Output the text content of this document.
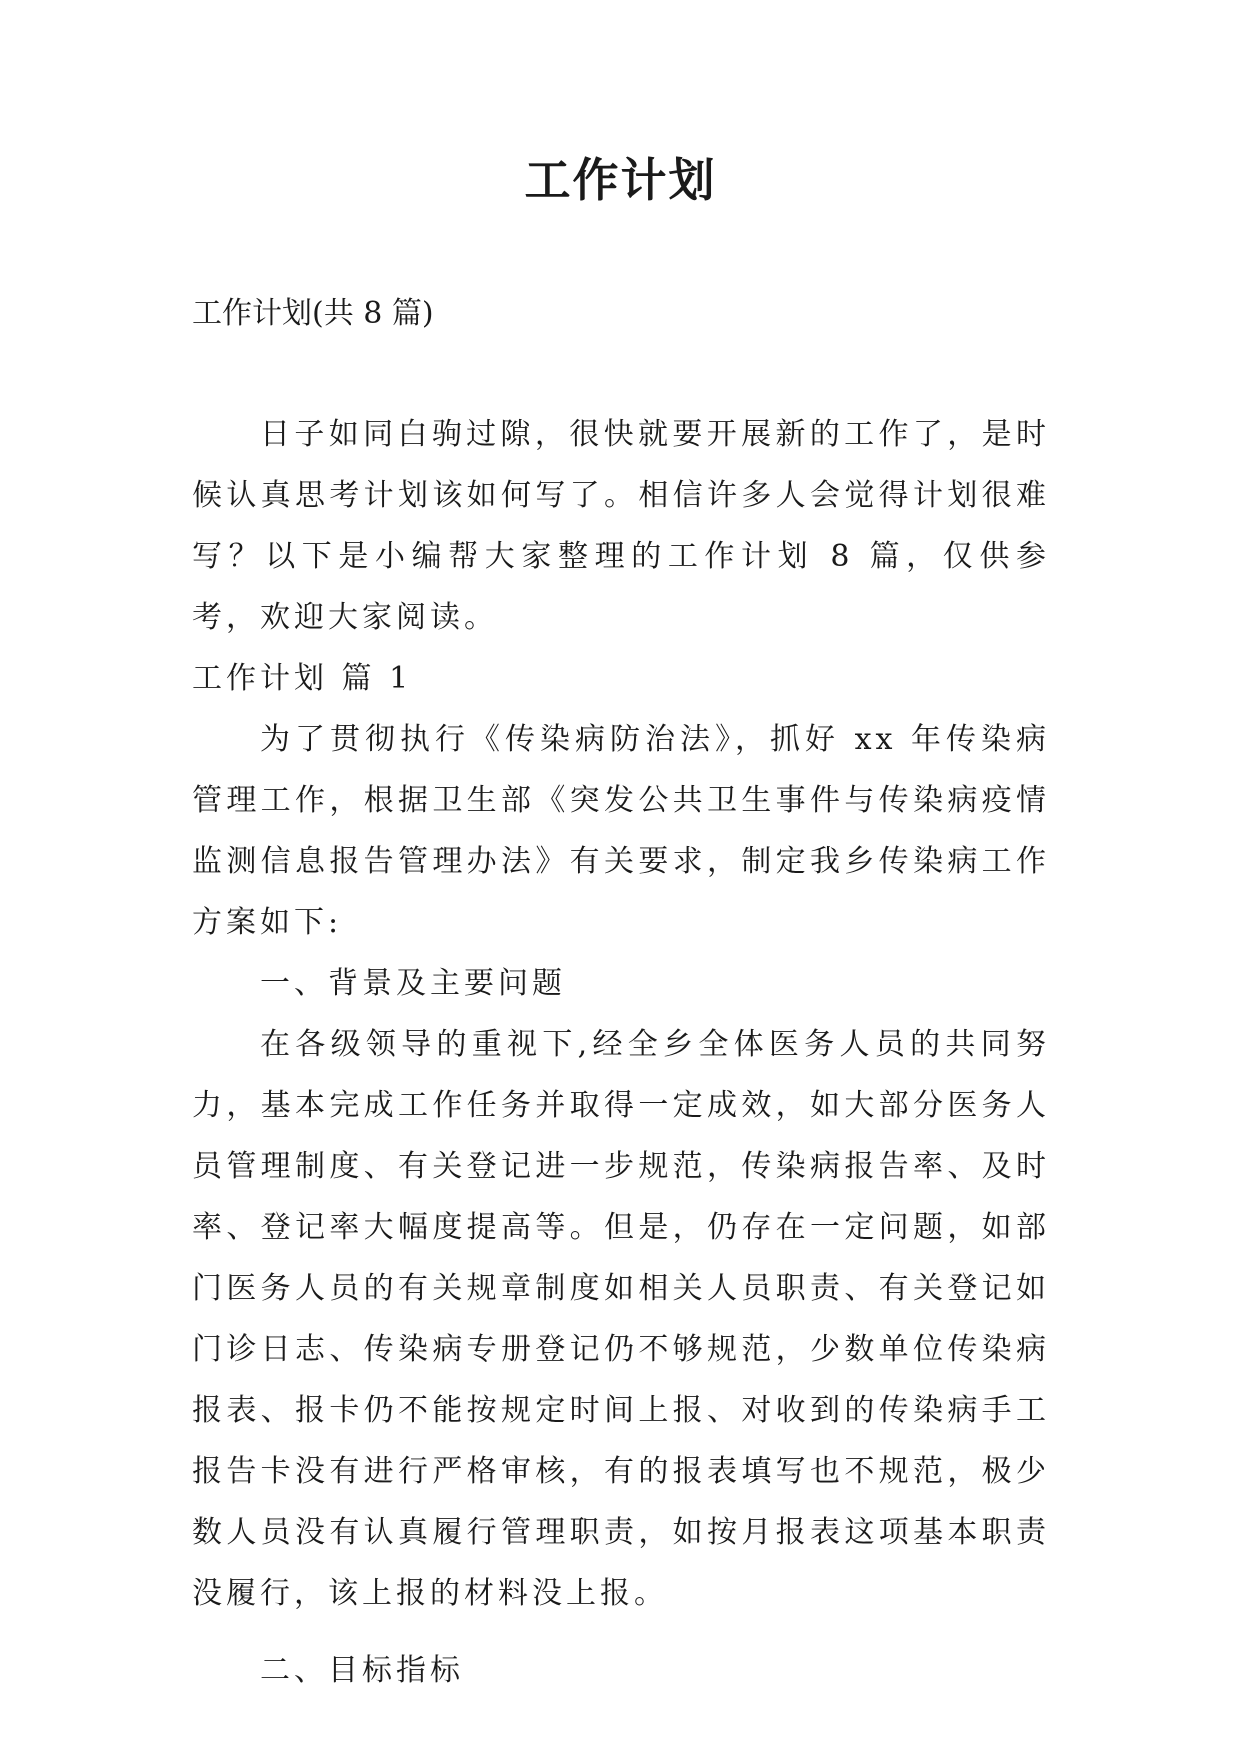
工作计划
工作计划(共 8 篇)

日子如同白驹过隙，很快就要开展新的工作了，是时候认真思考计划该如何写了。相信许多人会觉得计划很难写？以下是小编帮大家整理的工作计划 8 篇，仅供参考，欢迎大家阅读。

工作计划 篇 1

为了贯彻执行《传染病防治法》，抓好 xx 年传染病管理工作，根据卫生部《突发公共卫生事件与传染病疫情监测信息报告管理办法》有关要求，制定我乡传染病工作方案如下:

一、背景及主要问题

在各级领导的重视下,经全乡全体医务人员的共同努力，基本完成工作任务并取得一定成效，如大部分医务人员管理制度、有关登记进一步规范，传染病报告率、及时率、登记率大幅度提高等。但是，仍存在一定问题，如部门医务人员的有关规章制度如相关人员职责、有关登记如门诊日志、传染病专册登记仍不够规范，少数单位传染病报表、报卡仍不能按规定时间上报、对收到的传染病手工报告卡没有进行严格审核，有的报表填写也不规范，极少数人员没有认真履行管理职责，如按月报表这项基本职责没履行，该上报的材料没上报。

二、目标指标
